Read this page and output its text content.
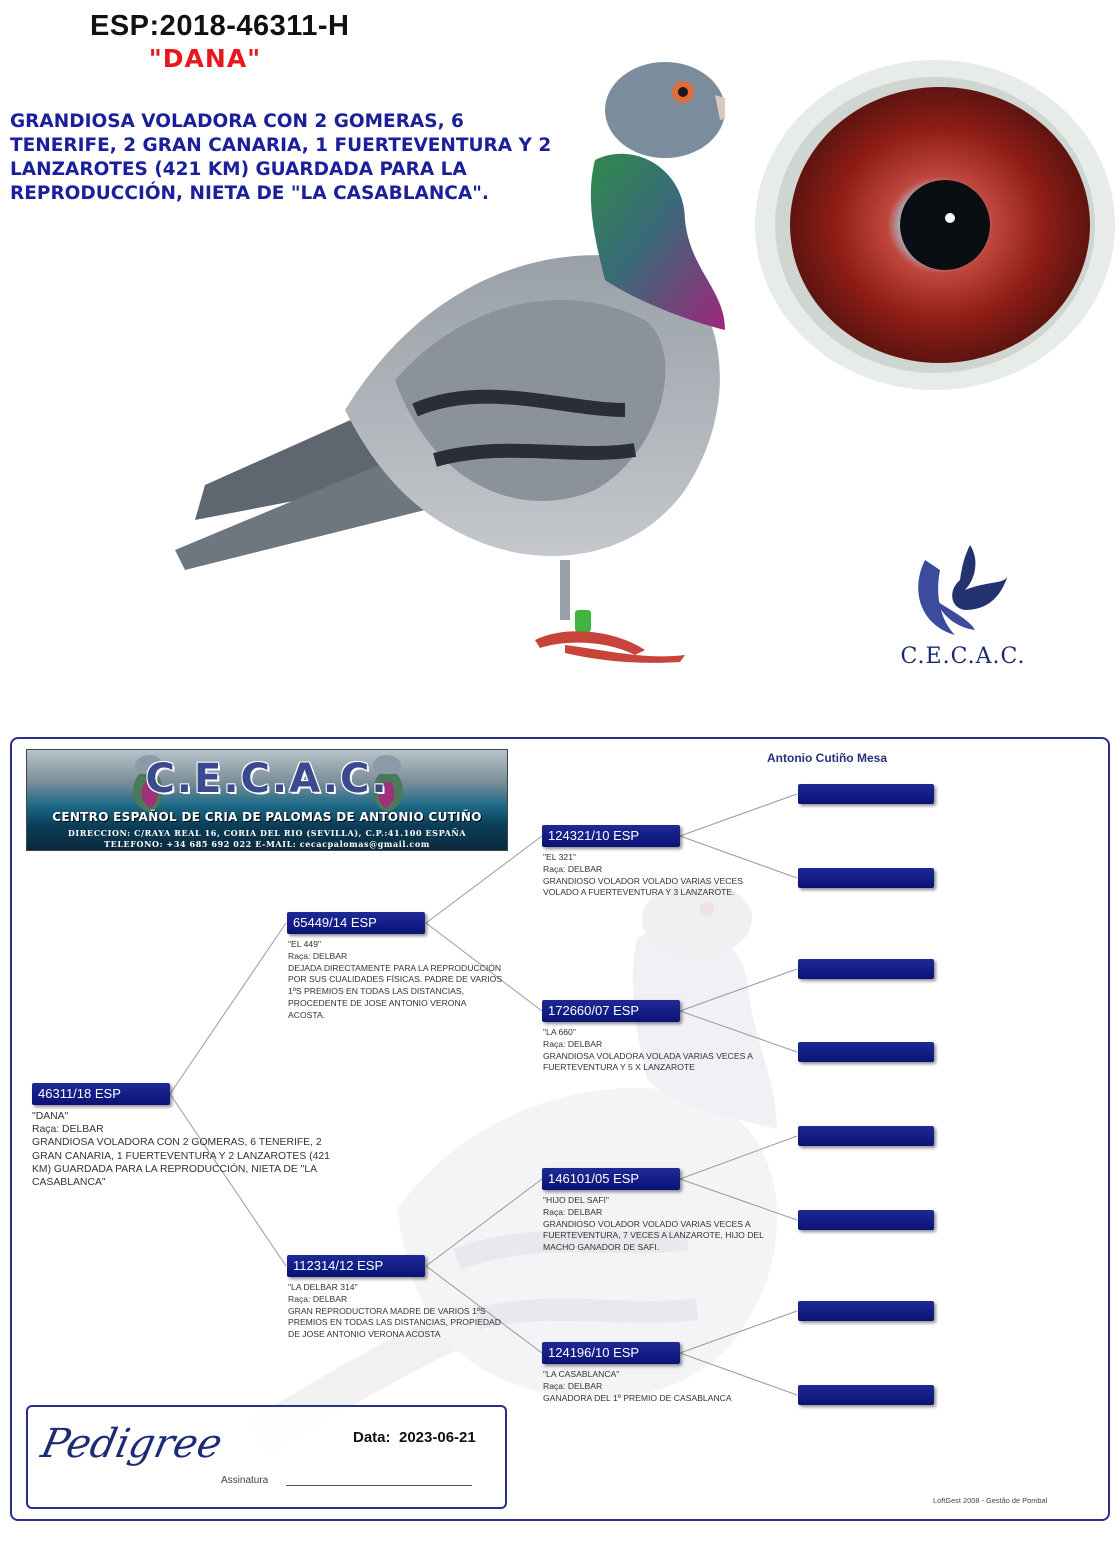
ESP:2018-46311-H
"DANA"
GRANDIOSA VOLADORA CON 2 GOMERAS, 6 TENERIFE, 2 GRAN CANARIA, 1 FUERTEVENTURA Y 2 LANZAROTES (421 KM) GUARDADA PARA LA REPRODUCCIÓN, NIETA DE "LA CASABLANCA".
C.E.C.A.C.
C.E.C.A.C.
CENTRO ESPAÑOL DE CRIA DE PALOMAS DE ANTONIO CUTIÑO
DIRECCION: C/RAYA REAL 16, CORIA DEL RIO (SEVILLA), C.P.:41.100 ESPAÑA
TELEFONO: +34 685 692 022 E-MAIL: cecacpalomas@gmail.com
Antonio Cutiño Mesa
46311/18 ESP
"DANA"
Raça: DELBAR
GRANDIOSA VOLADORA CON 2 GOMERAS, 6 TENERIFE, 2 GRAN CANARIA, 1 FUERTEVENTURA Y 2 LANZAROTES (421 KM) GUARDADA PARA LA REPRODUCCIÓN, NIETA DE "LA CASABLANCA"
65449/14 ESP
"EL 449"
Raça: DELBAR
DEJADA DIRECTAMENTE PARA LA REPRODUCCIÓN POR SUS CUALIDADES FÍSICAS. PADRE DE VARIOS 1ºS PREMIOS EN TODAS LAS DISTANCIAS, PROCEDENTE DE JOSE ANTONIO VERONA ACOSTA.
112314/12 ESP
"LA DELBAR 314"
Raça: DELBAR
GRAN REPRODUCTORA MADRE DE VARIOS 1ºS PREMIOS EN TODAS LAS DISTANCIAS, PROPIEDAD DE JOSE ANTONIO VERONA ACOSTA
124321/10 ESP
"EL 321"
Raça: DELBAR
GRANDIOSO VOLADOR VOLADO VARIAS VECES VOLADO A FUERTEVENTURA Y 3 LANZAROTE.
172660/07 ESP
"LA 660"
Raça: DELBAR
GRANDIOSA VOLADORA VOLADA VARIAS VECES A FUERTEVENTURA Y 5 X LANZAROTE
146101/05 ESP
"HIJO DEL SAFI"
Raça: DELBAR
GRANDIOSO VOLADOR VOLADO VARIAS VECES A FUERTEVENTURA, 7 VECES A LANZAROTE, HIJO DEL MACHO GANADOR DE SAFI.
124196/10 ESP
"LA CASABLANCA"
Raça: DELBAR
GANADORA DEL 1º PREMIO DE CASABLANCA
Pedigree	Data: 2023-06-21
Assinatura
LoftGest 2008 - Gestão de Pombal
